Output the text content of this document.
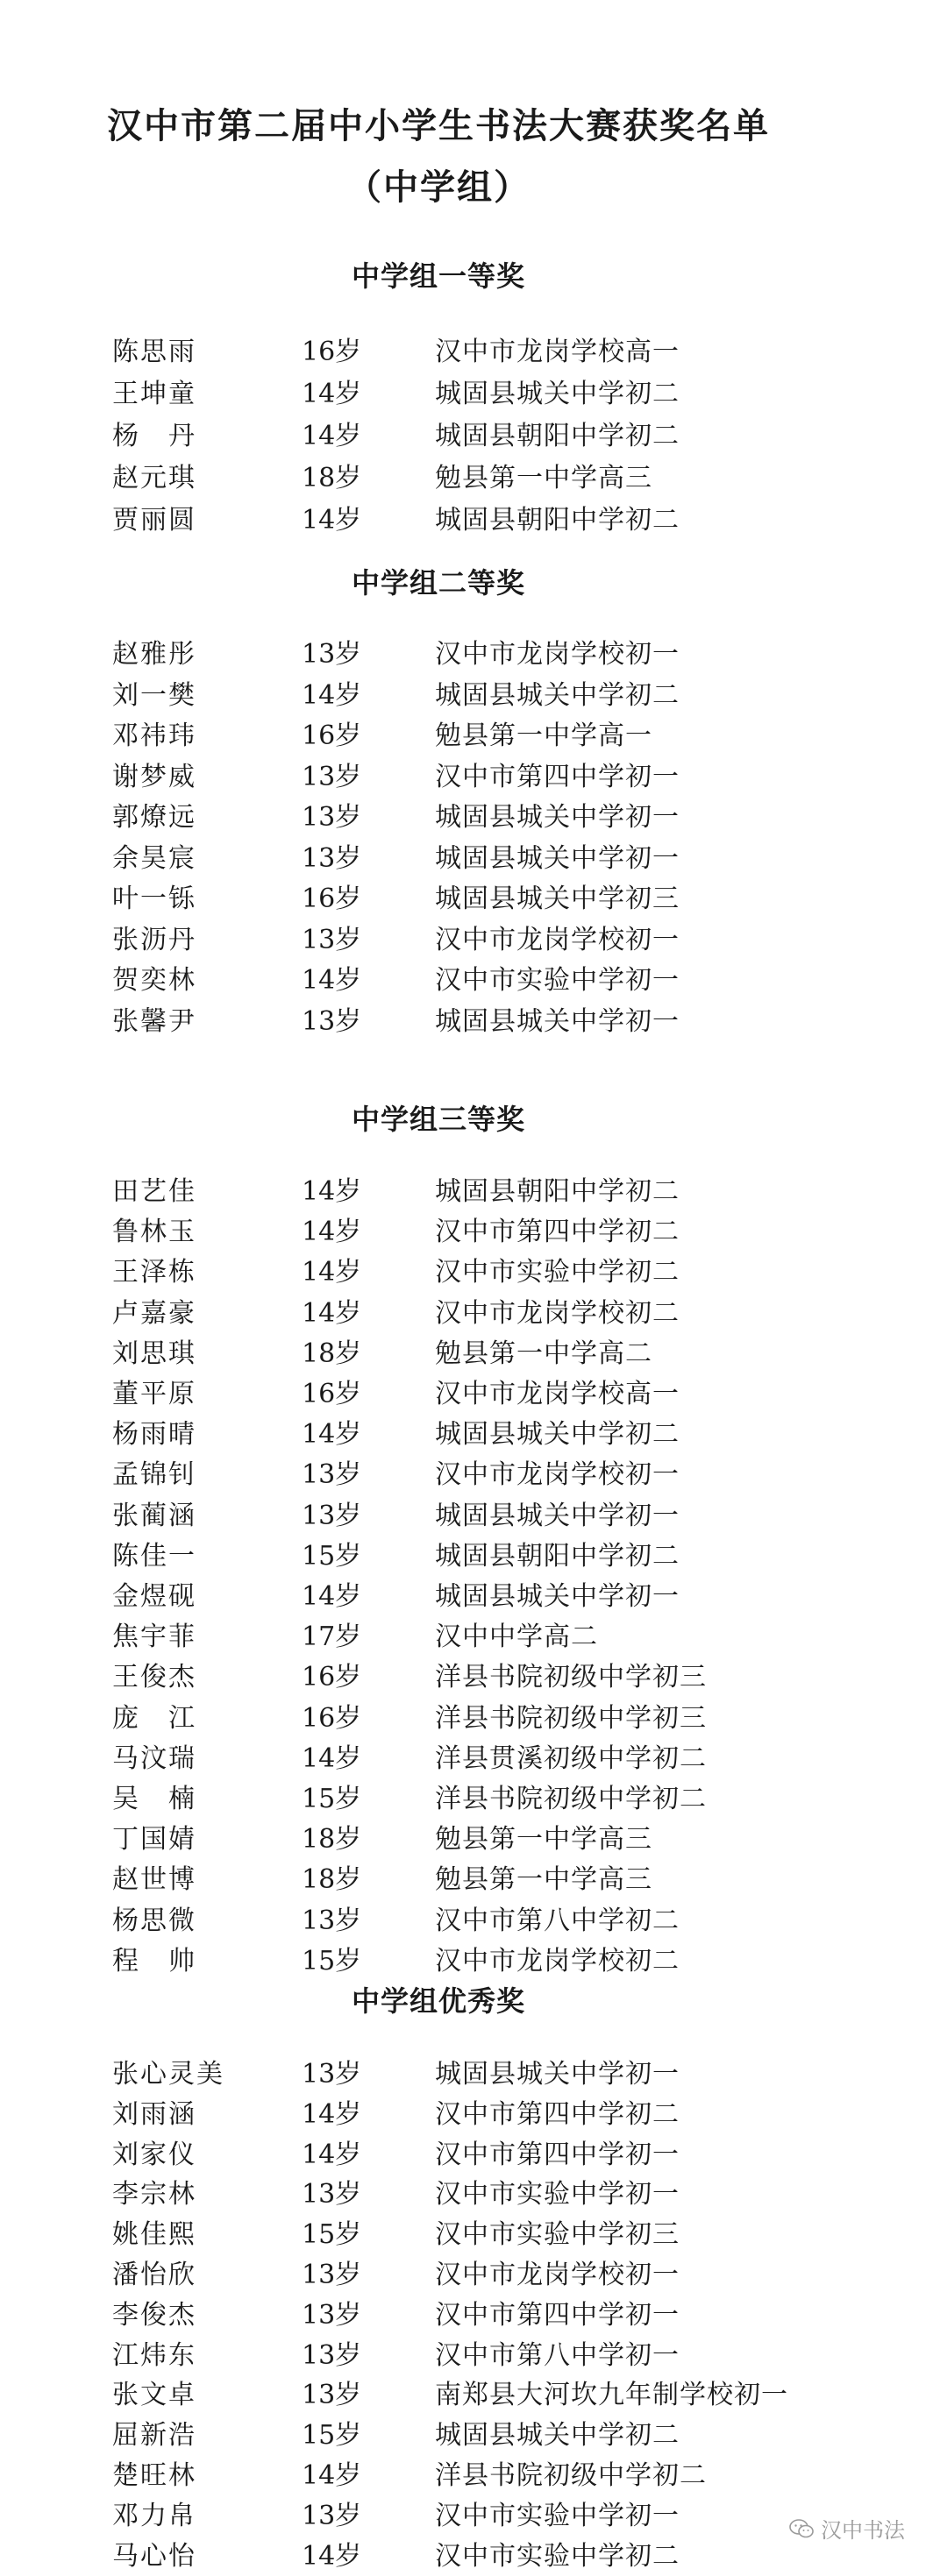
汉中市第二届中小学生书法大赛获奖名单
（中学组）
中学组一等奖
陈思雨	16岁	汉中市龙岗学校高一
王坤童	14岁	城固县城关中学初二
杨　丹	14岁	城固县朝阳中学初二
赵元琪	18岁	勉县第一中学高三
贾丽圆	14岁	城固县朝阳中学初二
中学组二等奖
赵雅彤	13岁	汉中市龙岗学校初一
刘一樊	14岁	城固县城关中学初二
邓祎玮	16岁	勉县第一中学高一
谢梦威	13岁	汉中市第四中学初一
郭燎远	13岁	城固县城关中学初一
余昊宸	13岁	城固县城关中学初一
叶一铄	16岁	城固县城关中学初三
张沥丹	13岁	汉中市龙岗学校初一
贺奕林	14岁	汉中市实验中学初一
张馨尹	13岁	城固县城关中学初一
中学组三等奖
田艺佳	14岁	城固县朝阳中学初二
鲁林玉	14岁	汉中市第四中学初二
王泽栋	14岁	汉中市实验中学初二
卢嘉豪	14岁	汉中市龙岗学校初二
刘思琪	18岁	勉县第一中学高二
董平原	16岁	汉中市龙岗学校高一
杨雨晴	14岁	城固县城关中学初二
孟锦钊	13岁	汉中市龙岗学校初一
张蔺涵	13岁	城固县城关中学初一
陈佳一	15岁	城固县朝阳中学初二
金煜砚	14岁	城固县城关中学初一
焦宇菲	17岁	汉中中学高二
王俊杰	16岁	洋县书院初级中学初三
庞　江	16岁	洋县书院初级中学初三
马汶瑞	14岁	洋县贯溪初级中学初二
吴　楠	15岁	洋县书院初级中学初二
丁国婧	18岁	勉县第一中学高三
赵世博	18岁	勉县第一中学高三
杨思微	13岁	汉中市第八中学初二
程　帅	15岁	汉中市龙岗学校初二
中学组优秀奖
张心灵美	13岁	城固县城关中学初一
刘雨涵	14岁	汉中市第四中学初二
刘家仪	14岁	汉中市第四中学初一
李宗林	13岁	汉中市实验中学初一
姚佳熙	15岁	汉中市实验中学初三
潘怡欣	13岁	汉中市龙岗学校初一
李俊杰	13岁	汉中市第四中学初一
江炜东	13岁	汉中市第八中学初一
张文卓	13岁	南郑县大河坎九年制学校初一
屈新浩	15岁	城固县城关中学初二
楚旺林	14岁	洋县书院初级中学初二
邓力帛	13岁	汉中市实验中学初一
马心怡	14岁	汉中市实验中学初二
汉中书法
